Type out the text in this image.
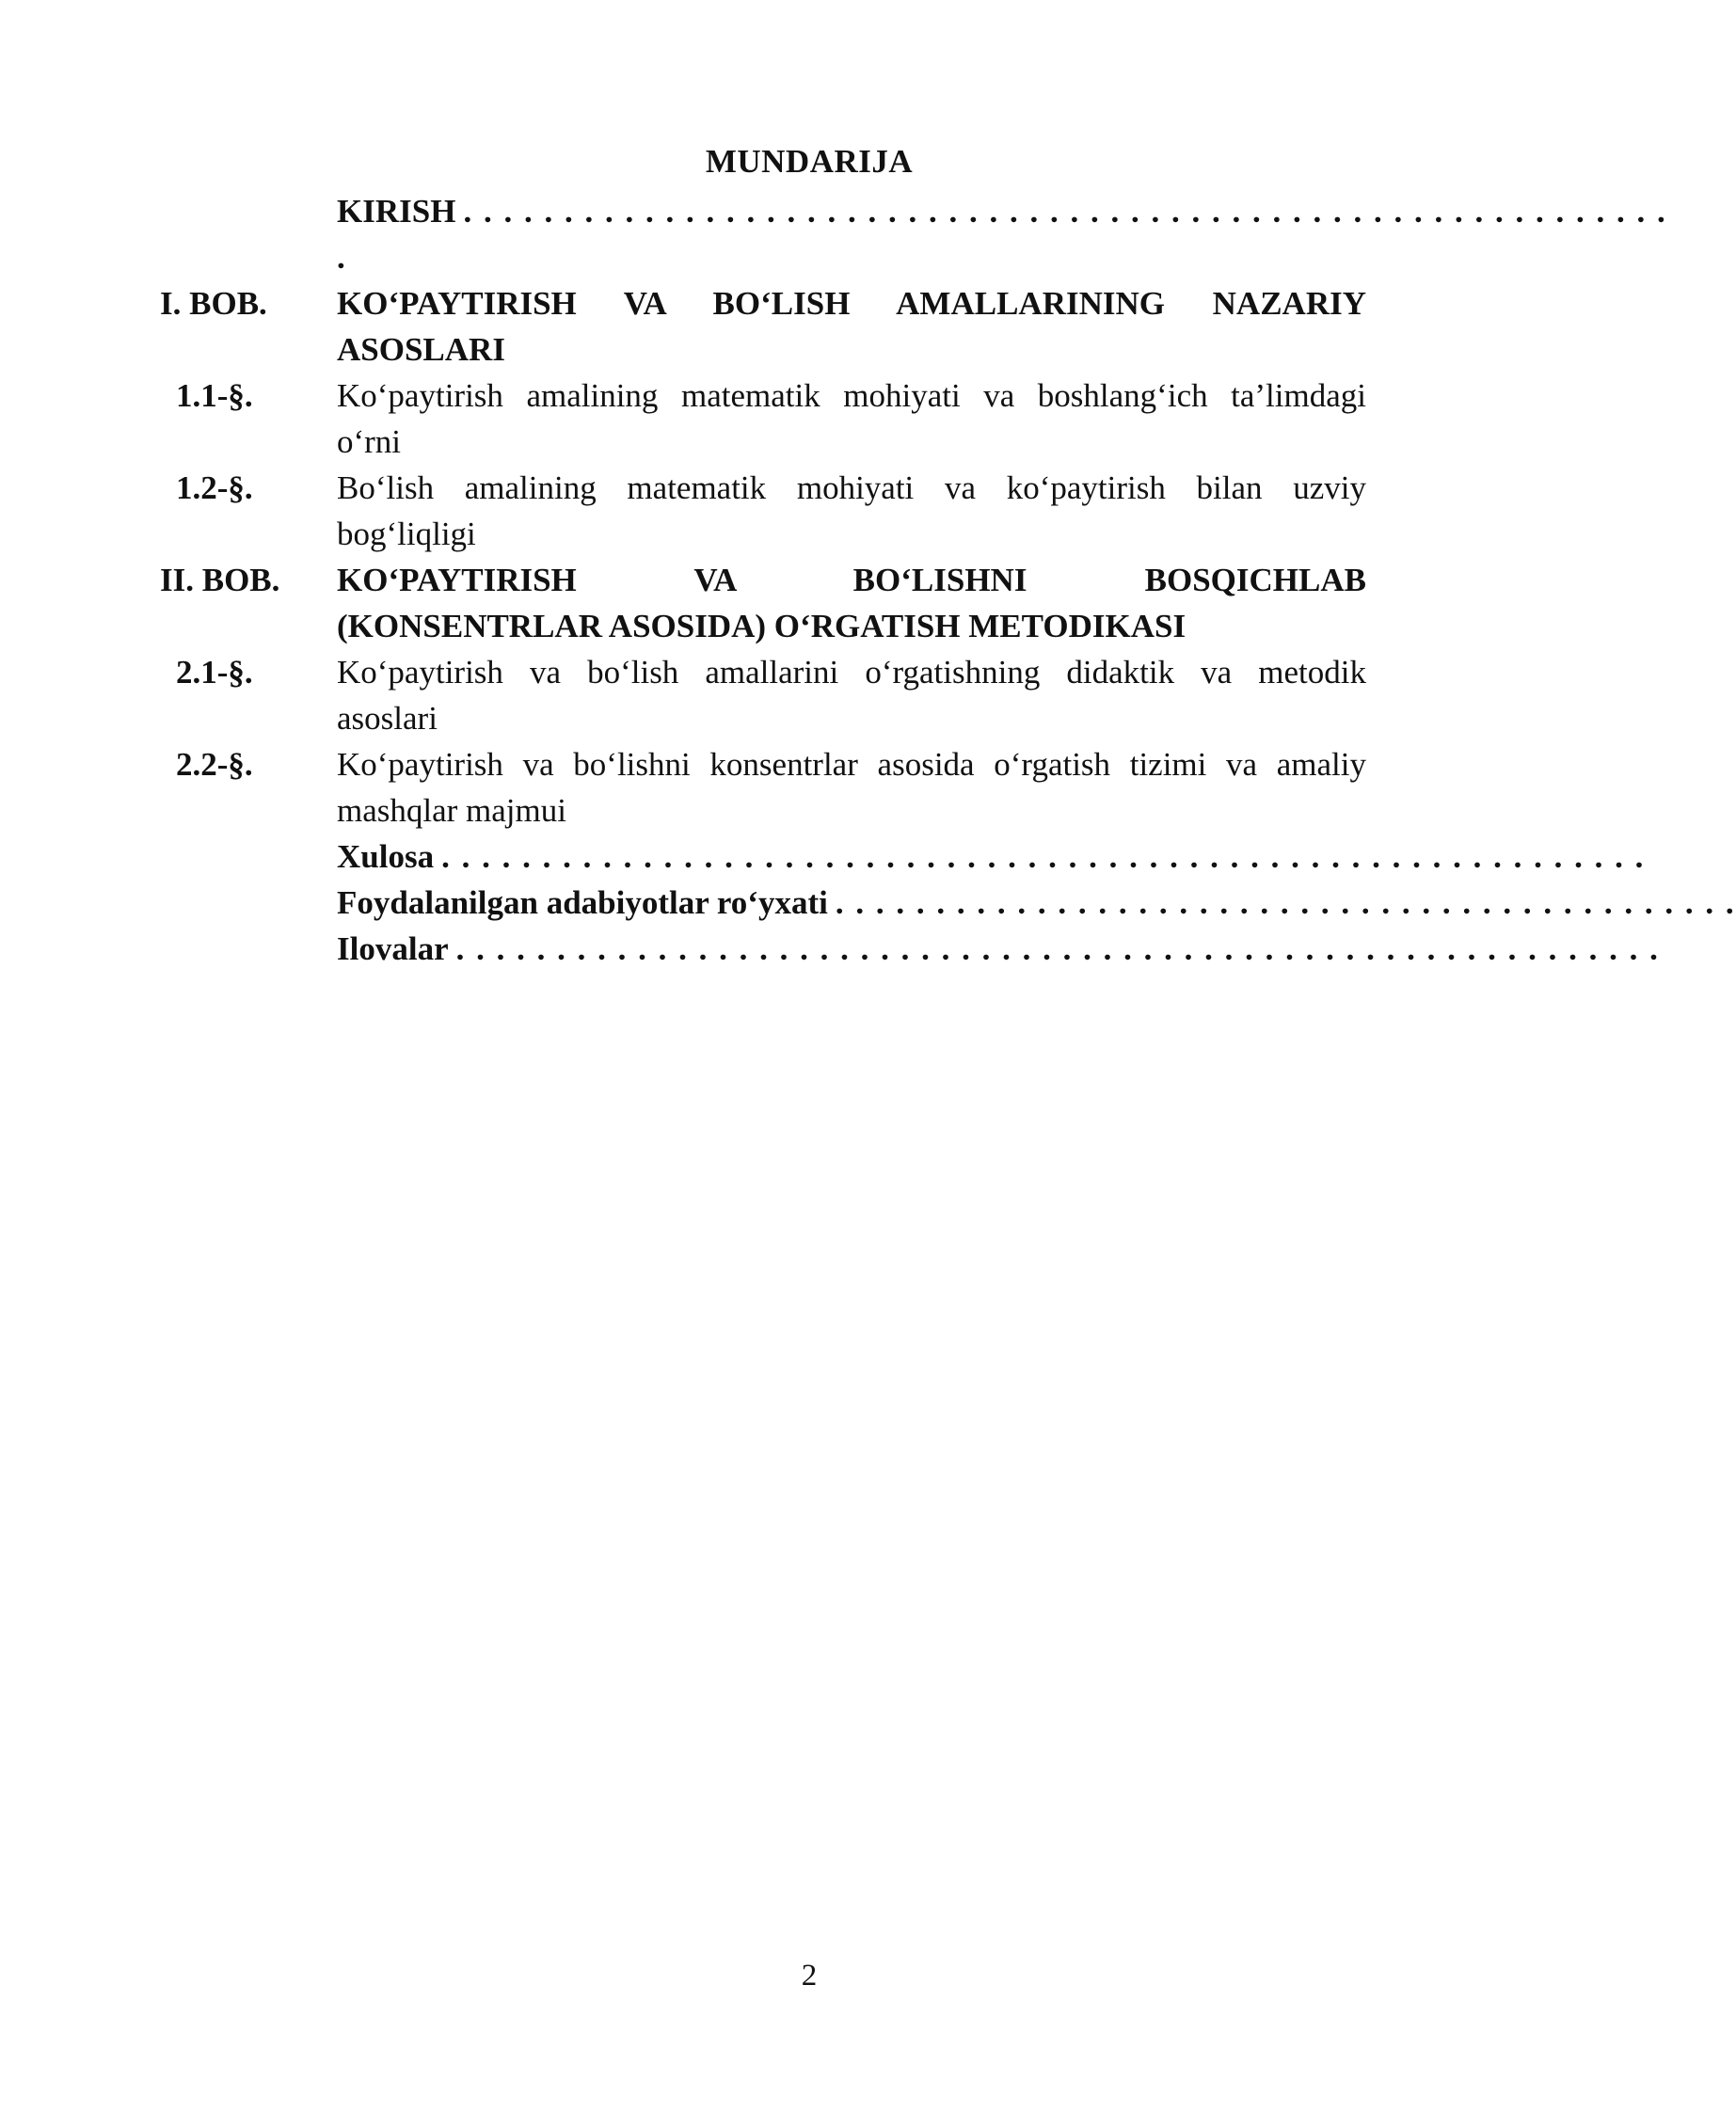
MUNDARIJA
KIRISH . . . . . . . . . . . . . . . . . . . . . . . . . . . . . . . . . . . . . . . . . . . . . . . . . . . . . . . . . . . .
.
I. BOB.	KO‘PAYTIRISH VA BO‘LISH AMALLARINING NAZARIY
ASOSLARI
1.1-§.	Ko‘paytirish amalining matematik mohiyati va boshlang‘ich ta’limdagi
o‘rni
1.2-§.	Bo‘lish amalining matematik mohiyati va ko‘paytirish bilan uzviy
bog‘liqligi
II. BOB.	KO‘PAYTIRISH VA BO‘LISHNI BOSQICHLAB
(KONSENTRLAR ASOSIDA) O‘RGATISH METODIKASI
2.1-§.	Ko‘paytirish va bo‘lish amallarini o‘rgatishning didaktik va metodik
asoslari
2.2-§.	Ko‘paytirish va bo‘lishni konsentrlar asosida o‘rgatish tizimi va amaliy
mashqlar majmui
Xulosa . . . . . . . . . . . . . . . . . . . . . . . . . . . . . . . . . . . . . . . . . . . . . . . . . . . . . . . . . . . .
Foydalanilgan adabiyotlar ro‘yxati . . . . . . . . . . . . . . . . . . . . . . . . . . . . . . . . . . . . . . . . . . . . .
Ilovalar . . . . . . . . . . . . . . . . . . . . . . . . . . . . . . . . . . . . . . . . . . . . . . . . . . . . . . . . . . . .
2
